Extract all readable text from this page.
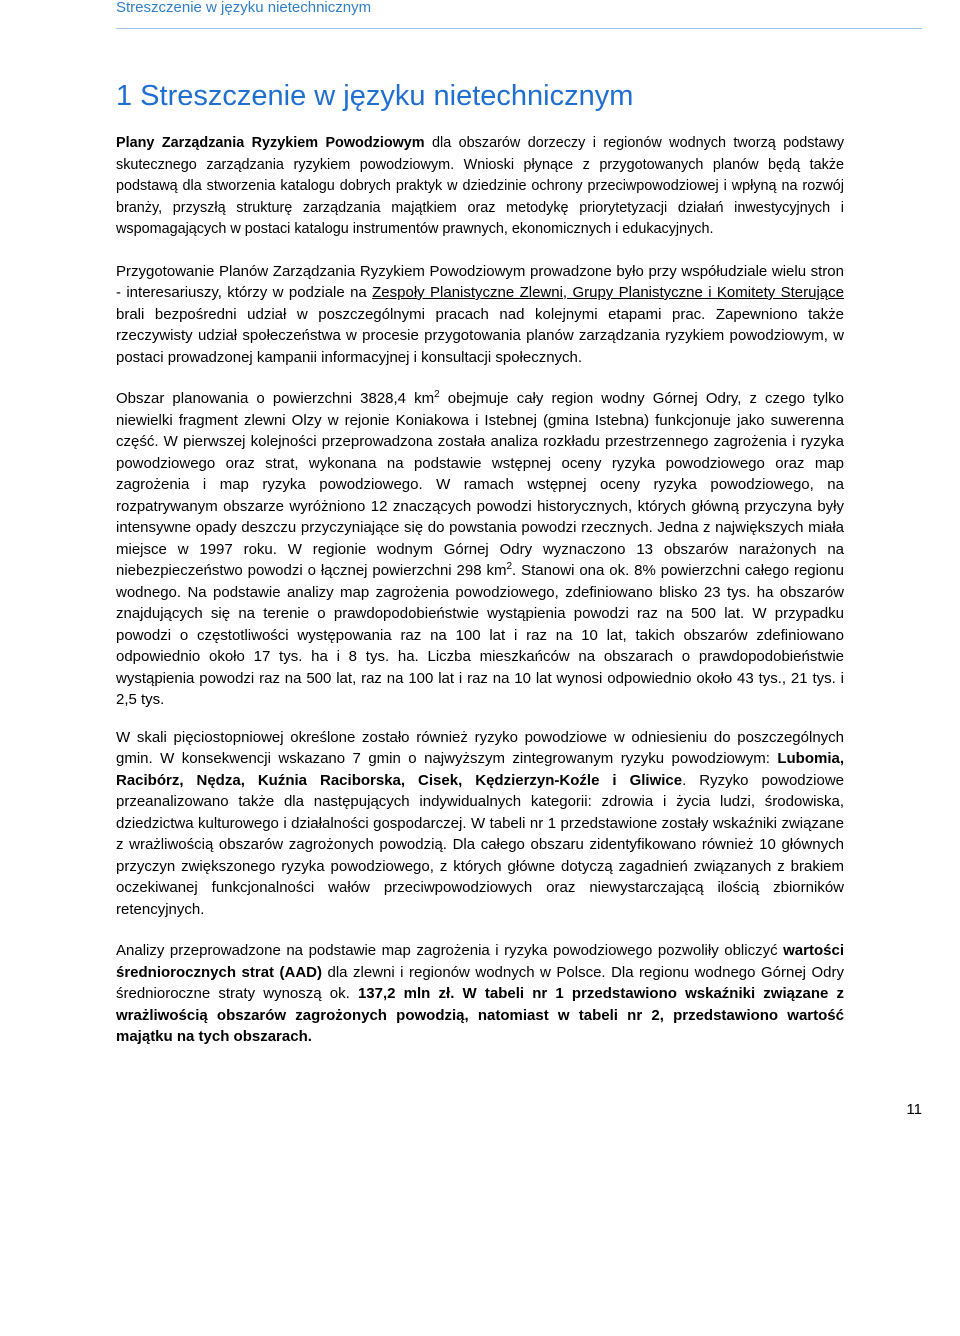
Streszczenie w języku nietechnicznym
1 Streszczenie w języku nietechnicznym

Plany Zarządzania Ryzykiem Powodziowym dla obszarów dorzeczy i regionów wodnych tworzą podstawy skutecznego zarządzania ryzykiem powodziowym. Wnioski płynące z przygotowanych planów będą także podstawą dla stworzenia katalogu dobrych praktyk w dziedzinie ochrony przeciwpowodziowej i wpłyną na rozwój branży, przyszłą strukturę zarządzania majątkiem oraz metodykę priorytetyzacji działań inwestycyjnych i wspomagających w postaci katalogu instrumentów prawnych, ekonomicznych i edukacyjnych.

Przygotowanie Planów Zarządzania Ryzykiem Powodziowym prowadzone było przy współudziale wielu stron - interesariuszy, którzy w podziale na Zespoły Planistyczne Zlewni, Grupy Planistyczne i Komitety Sterujące brali bezpośredni udział w poszczególnymi pracach nad kolejnymi etapami prac. Zapewniono także rzeczywisty udział społeczeństwa w procesie przygotowania planów zarządzania ryzykiem powodziowym, w postaci prowadzonej kampanii informacyjnej i konsultacji społecznych.

Obszar planowania o powierzchni 3828,4 $km^2$ obejmuje cały region wodny Górnej Odry, z czego tylko niewielki fragment zlewni Olzy w rejonie Koniakowa i Istebnej (gmina Istebna) funkcjonuje jako suwerenna część. W pierwszej kolejności przeprowadzona została analiza rozkładu przestrzennego zagrożenia i ryzyka powodziowego oraz strat, wykonana na podstawie wstępnej oceny ryzyka powodziowego oraz map zagrożenia i map ryzyka powodziowego. W ramach wstępnej oceny ryzyka powodziowego, na rozpatrywanym obszarze wyróżniono 12 znaczących powodzi historycznych, których główną przyczyna były intensywne opady deszczu przyczyniające się do powstania powodzi rzecznych. Jedna z największych miała miejsce w 1997 roku. W regionie wodnym Górnej Odry wyznaczono 13 obszarów narażonych na niebezpieczeństwo powodzi o łącznej powierzchni 298 $km^2$. Stanowi ona ok. 8% powierzchni całego regionu wodnego. Na podstawie analizy map zagrożenia powodziowego, zdefiniowano blisko 23 tys. ha obszarów znajdujących się na terenie o prawdopodobieństwie wystąpienia powodzi raz na 500 lat. W przypadku powodzi o częstotliwości występowania raz na 100 lat i raz na 10 lat, takich obszarów zdefiniowano odpowiednio około 17 tys. ha i 8 tys. ha. Liczba mieszkańców na obszarach o prawdopodobieństwie wystąpienia powodzi raz na 500 lat, raz na 100 lat i raz na 10 lat wynosi odpowiednio około 43 tys., 21 tys. i 2,5 tys.

W skali pięciostopniowej określone zostało również ryzyko powodziowe w odniesieniu do poszczególnych gmin. W konsekwencji wskazano 7 gmin o najwyższym zintegrowanym ryzyku powodziowym: Lubomia, Racibórz, Nędza, Kuźnia Raciborska, Cisek, Kędzierzyn-Koźle i Gliwice. Ryzyko powodziowe przeanalizowano także dla następujących indywidualnych kategorii: zdrowia i życia ludzi, środowiska, dziedzictwa kulturowego i działalności gospodarczej. W tabeli nr 1 przedstawione zostały wskaźniki związane z wrażliwością obszarów zagrożonych powodzią. Dla całego obszaru zidentyfikowano również 10 głównych przyczyn zwiększonego ryzyka powodziowego, z których główne dotyczą zagadnień związanych z brakiem oczekiwanej funkcjonalności wałów przeciwpowodziowych oraz niewystarczającą ilością zbiorników retencyjnych.

Analizy przeprowadzone na podstawie map zagrożenia i ryzyka powodziowego pozwoliły obliczyć wartości średniorocznych strat (AAD) dla zlewni i regionów wodnych w Polsce. Dla regionu wodnego Górnej Odry średnioroczne straty wynoszą ok. 137,2 mln zł. W tabeli nr 1 przedstawiono wskaźniki związane z wrażliwością obszarów zagrożonych powodzią, natomiast w tabeli nr 2, przedstawiono wartość majątku na tych obszarach.

11
